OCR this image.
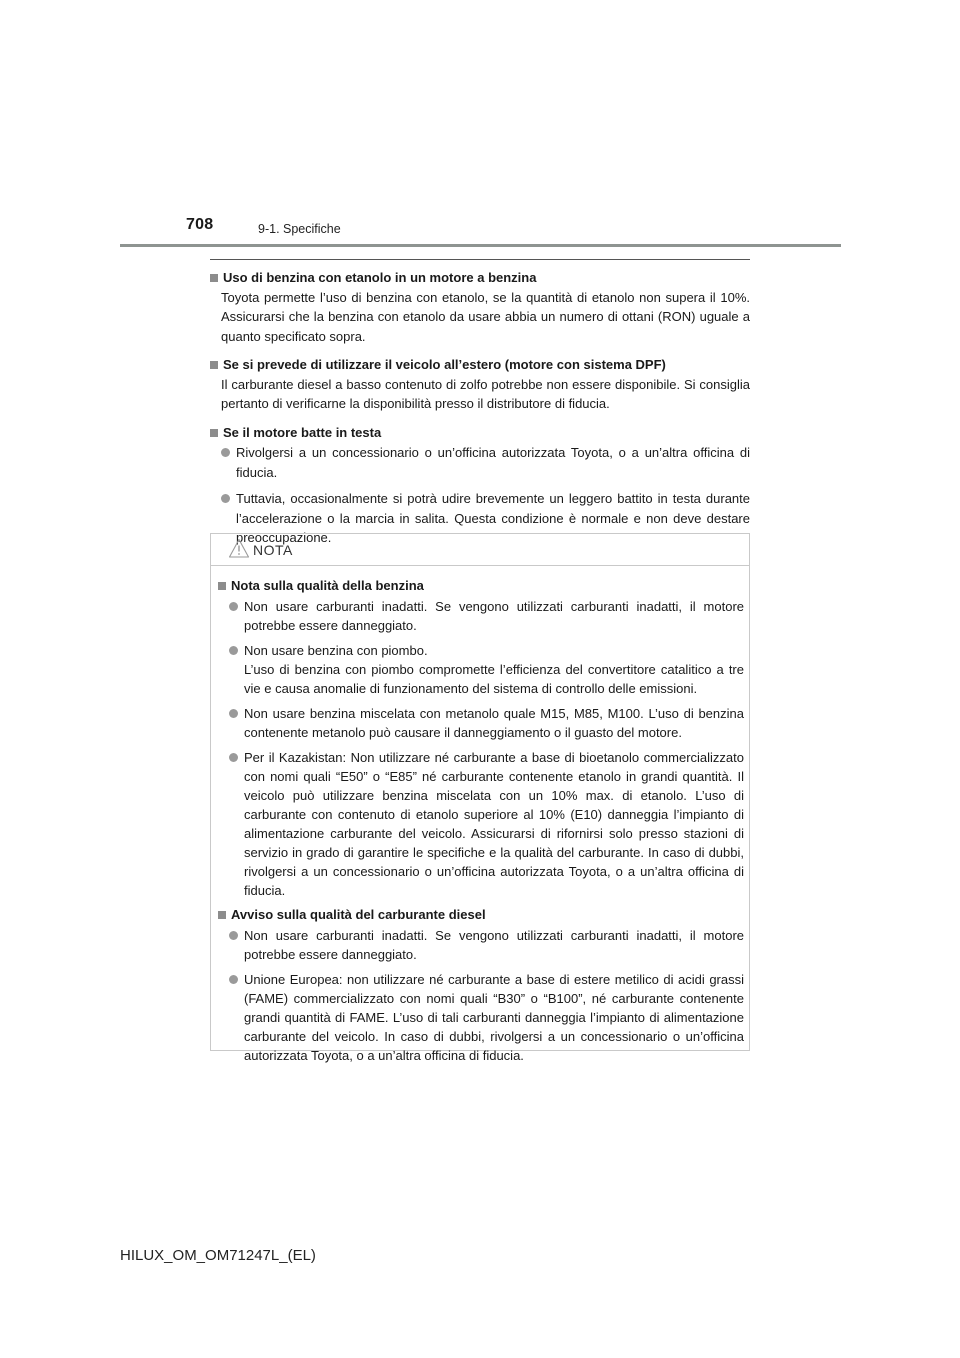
708	9-1. Specifiche
Uso di benzina con etanolo in un motore a benzina
Toyota permette l’uso di benzina con etanolo, se la quantità di etanolo non supera il 10%. Assicurarsi che la benzina con etanolo da usare abbia un numero di ottani (RON) uguale a quanto specificato sopra.
Se si prevede di utilizzare il veicolo all’estero (motore con sistema DPF)
Il carburante diesel a basso contenuto di zolfo potrebbe non essere disponibile. Si consiglia pertanto di verificarne la disponibilità presso il distributore di fiducia.
Se il motore batte in testa
Rivolgersi a un concessionario o un’officina autorizzata Toyota, o a un’altra officina di fiducia.
Tuttavia, occasionalmente si potrà udire brevemente un leggero battito in testa durante l’accelerazione o la marcia in salita. Questa condizione è normale e non deve destare preoccupazione.
NOTA
Nota sulla qualità della benzina
Non usare carburanti inadatti. Se vengono utilizzati carburanti inadatti, il motore potrebbe essere danneggiato.
Non usare benzina con piombo.
L’uso di benzina con piombo compromette l’efficienza del convertitore catalitico a tre vie e causa anomalie di funzionamento del sistema di controllo delle emissioni.
Non usare benzina miscelata con metanolo quale M15, M85, M100. L’uso di benzina contenente metanolo può causare il danneggiamento o il guasto del motore.
Per il Kazakistan: Non utilizzare né carburante a base di bioetanolo commercializzato con nomi quali “E50” o “E85” né carburante contenente etanolo in grandi quantità. Il veicolo può utilizzare benzina miscelata con un 10% max. di etanolo. L’uso di carburante con contenuto di etanolo superiore al 10% (E10) danneggia l’impianto di alimentazione carburante del veicolo. Assicurarsi di rifornirsi solo presso stazioni di servizio in grado di garantire le specifiche e la qualità del carburante. In caso di dubbi, rivolgersi a un concessionario o un’officina autorizzata Toyota, o a un’altra officina di fiducia.
Avviso sulla qualità del carburante diesel
Non usare carburanti inadatti. Se vengono utilizzati carburanti inadatti, il motore potrebbe essere danneggiato.
Unione Europea: non utilizzare né carburante a base di estere metilico di acidi grassi (FAME) commercializzato con nomi quali “B30” o “B100”, né carburante contenente grandi quantità di FAME. L’uso di tali carburanti danneggia l’impianto di alimentazione carburante del veicolo. In caso di dubbi, rivolgersi a un concessionario o un’officina autorizzata Toyota, o a un’altra officina di fiducia.
HILUX_OM_OM71247L_(EL)
